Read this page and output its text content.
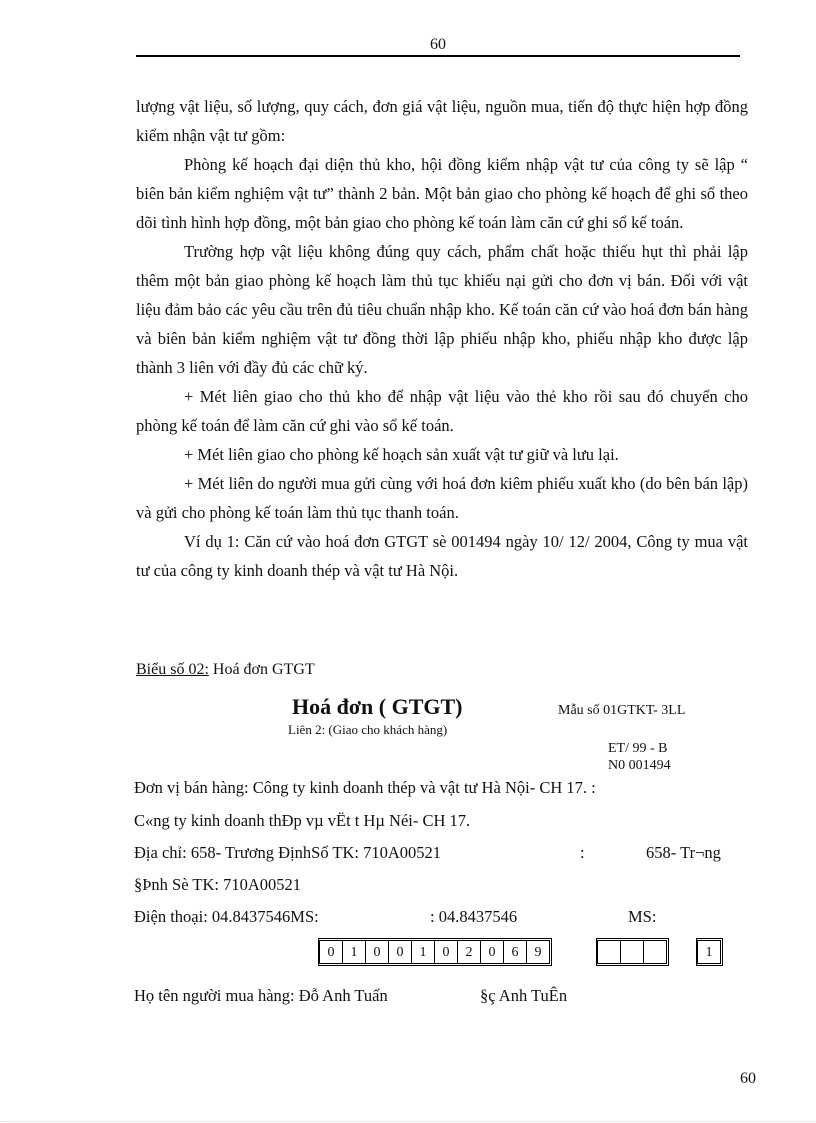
60

lượng vật liệu, số lượng, quy cách, đơn giá vật liệu, nguồn mua, tiến độ thực hiện hợp đồng kiểm nhận vật tư gồm:

Phòng kế hoạch đại diện thủ kho, hội đồng kiểm nhập vật tư của công ty sẽ lập “ biên bản kiểm nghiệm vật tư” thành 2 bản. Một bản giao cho phòng kế hoạch để ghi sổ theo dõi tình hình hợp đồng, một bản giao cho phòng kế toán làm căn cứ ghi sổ kế toán.

Trường hợp vật liệu không đúng quy cách, phẩm chất hoặc thiếu hụt thì phải lập thêm một bản giao phòng kế hoạch làm thủ tục khiếu nại gửi cho đơn vị bán. Đối với vật liệu đảm bảo các yêu cầu trên đủ tiêu chuẩn nhập kho. Kế toán căn cứ vào hoá đơn bán hàng và biên bản kiểm nghiệm vật tư đồng thời lập phiếu nhập kho, phiếu nhập kho được lập thành 3 liên với đầy đủ các chữ ký.

+ Mét liên giao cho thủ kho để nhập vật liệu vào thẻ kho rồi sau đó chuyển cho phòng kế toán để làm căn cứ ghi vào sổ kế toán.

+ Mét liên giao cho phòng kế hoạch sản xuất vật tư giữ và lưu lại.

+ Mét liên do người mua gửi cùng với hoá đơn kiêm phiếu xuất kho (do bên bán lập) và gửi cho phòng kế toán làm thủ tục thanh toán.

Ví dụ 1: Căn cứ vào hoá đơn GTGT sè 001494 ngày 10/ 12/ 2004, Công ty mua vật tư của công ty kinh doanh thép và vật tư Hà Nội.

Biểu số 02: Hoá đơn GTGT
Hoá đơn ( GTGT)	Mẫu số 01GTKT- 3LL
Liên 2: (Giao cho khách hàng)
ET/ 99 - B
N0 001494
Đơn vị bán hàng: Công ty kinh doanh thép và vật tư Hà Nội- CH 17. :
C«ng ty kinh doanh thÐp vµ vËt t Hµ Néi- CH 17.
Địa chỉ: 658- Trương ĐịnhSố TK: 710A00521	:	658- Tr¬ng
§Þnh Sè TK: 710A00521
Điện thoại: 04.8437546MS:	: 04.8437546	MS:
0	1	0	0	1	0	2	0	6	9	1
Họ tên người mua hàng: Đỗ Anh Tuấn	§ç Anh TuÊn
60
